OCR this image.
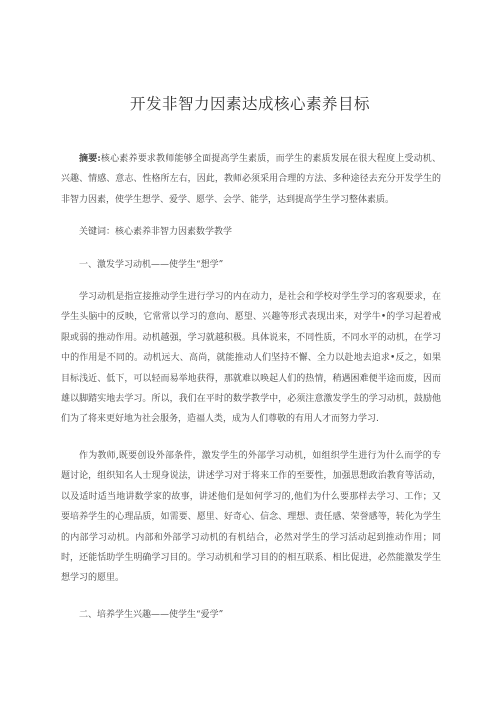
开发非智力因素达成核心素养目标

摘要:核心素养要求教师能够全面提高学生素质，而学生的素质发展在很大程度上受动机、兴趣、情感、意志、性格所左右，因此，教师必须采用合理的方法、多种途径去充分开发学生的非智力因素，使学生想学、爱学、愿学、会学、能学，达到提高学生学习整体素质。

关键词：核心素养非智力因素数学教学

一、激发学习动机——使学生“想学”

学习动机是指宣接推动学生进行学习的内在动力，是社会和学校对学生学习的客观要求，在学生头脑中的反映，它常常以学习的意向、愿望、兴趣等形式表现出来，对学牛•的学习起着戒限或弱的推动作用。动机越强，学习就越积极。具体说来，不同性质，不同水平的动机，在学习中的作用是不同的。动机远大、高尚，就能推动人们坚持不懈、全力以赴地去追求•反之，如果目标浅近、低下，可以轻而易举地获得，那就难以唤起人们的热情，稍遇困难便半途而废，因而雄以脚踏实地去学习。所以，我们在平时的数学教学中，必须注意激发学生的学习动机，鼓励他们为了将来更好地为社会服务，造福人类，成为人们尊敬的有用人才而努力学习.

作为教师,既要创设外部条件，激发学生的外部学习动机，如组织学生进行为什么而学的专题讨论，组织知名人士现身说法，讲述学习对于将来工作的至要性，加强思想政治教育等活动，以及适时适当地讲数学家的故事，讲述他们是如何学习的,他们为什么要那样去学习、工作；又要培养学生的心理品质，如需要、愿里、好奇心、信念、理想、责任感、荣誉感等，转化为学生的内部学习动机。内部和外部学习动机的有机结合，必然对学生的学习活动起到推动作用；同时，还能恬助学生明确学习目的。学习动机和学习目的的相互联系、相比促进，必然能激发学生想学习的愿里。

二、培养学生兴趣——使学生“爱学”
